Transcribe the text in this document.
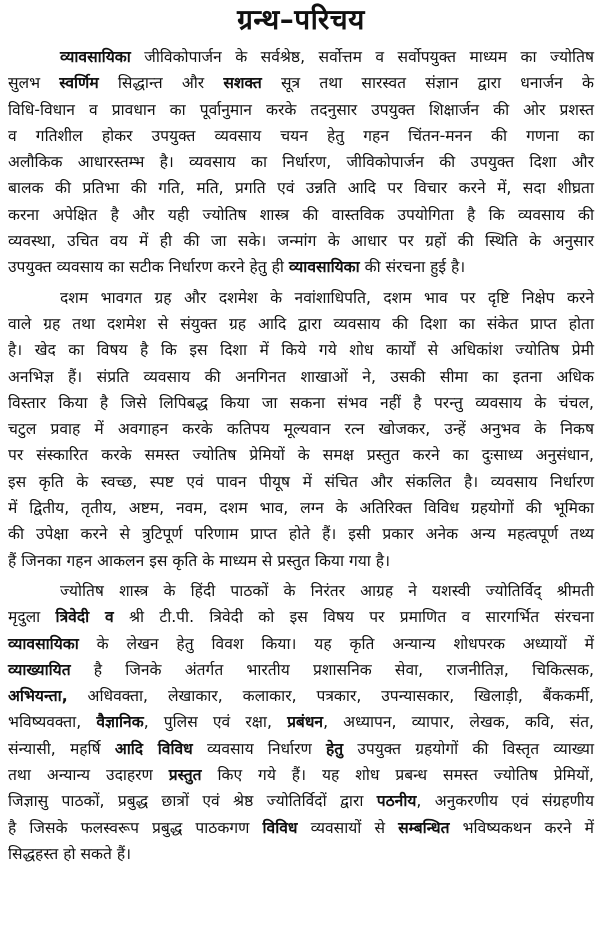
ग्रन्थ–परिचय
व्यावसायिका जीविकोपार्जन के सर्वश्रेष्ठ, सर्वोत्तम व सर्वोपयुक्त माध्यम का ज्योतिष
सुलभ स्वर्णिम सिद्धान्त और सशक्त सूत्र तथा सारस्वत संज्ञान द्वारा धनार्जन के
विधि-विधान व प्रावधान का पूर्वानुमान करके तदनुसार उपयुक्त शिक्षार्जन की ओर प्रशस्त
व गतिशील होकर उपयुक्त व्यवसाय चयन हेतु गहन चिंतन-मनन की गणना का
अलौकिक आधारस्तम्भ है। व्यवसाय का निर्धारण, जीविकोपार्जन की उपयुक्त दिशा और
बालक की प्रतिभा की गति, मति, प्रगति एवं उन्नति आदि पर विचार करने में, सदा शीघ्रता
करना अपेक्षित है और यही ज्योतिष शास्त्र की वास्तविक उपयोगिता है कि व्यवसाय की
व्यवस्था, उचित वय में ही की जा सके। जन्मांग के आधार पर ग्रहों की स्थिति के अनुसार
उपयुक्त व्यवसाय का सटीक निर्धारण करने हेतु ही व्यावसायिका की संरचना हुई है।
दशम भावगत ग्रह और दशमेश के नवांशाधिपति, दशम भाव पर दृष्टि निक्षेप करने
वाले ग्रह तथा दशमेश से संयुक्त ग्रह आदि द्वारा व्यवसाय की दिशा का संकेत प्राप्त होता
है। खेद का विषय है कि इस दिशा में किये गये शोध कार्यों से अधिकांश ज्योतिष प्रेमी
अनभिज्ञ हैं। संप्रति व्यवसाय की अनगिनत शाखाओं ने, उसकी सीमा का इतना अधिक
विस्तार किया है जिसे लिपिबद्ध किया जा सकना संभव नहीं है परन्तु व्यवसाय के चंचल,
चटुल प्रवाह में अवगाहन करके कतिपय मूल्यवान रत्न खोजकर, उन्हें अनुभव के निकष
पर संस्कारित करके समस्त ज्योतिष प्रेमियों के समक्ष प्रस्तुत करने का दुःसाध्य अनुसंधान,
इस कृति के स्वच्छ, स्पष्ट एवं पावन पीयूष में संचित और संकलित है। व्यवसाय निर्धारण
में द्वितीय, तृतीय, अष्टम, नवम, दशम भाव, लग्न के अतिरिक्त विविध ग्रहयोगों की भूमिका
की उपेक्षा करने से त्रुटिपूर्ण परिणाम प्राप्त होते हैं। इसी प्रकार अनेक अन्य महत्वपूर्ण तथ्य
हैं जिनका गहन आकलन इस कृति के माध्यम से प्रस्तुत किया गया है।
ज्योतिष शास्त्र के हिंदी पाठकों के निरंतर आग्रह ने यशस्वी ज्योतिर्विद् श्रीमती
मृदुला त्रिवेदी व श्री टी.पी. त्रिवेदी को इस विषय पर प्रमाणित व सारगर्भित संरचना
व्यावसायिका के लेखन हेतु विवश किया। यह कृति अन्यान्य शोधपरक अध्यायों में
व्याख्यायित है जिनके अंतर्गत भारतीय प्रशासनिक सेवा, राजनीतिज्ञ, चिकित्सक,
अभियन्ता, अधिवक्ता, लेखाकार, कलाकार, पत्रकार, उपन्यासकार, खिलाड़ी, बैंककर्मी,
भविष्यवक्ता, वैज्ञानिक, पुलिस एवं रक्षा, प्रबंधन, अध्यापन, व्यापार, लेखक, कवि, संत,
संन्यासी, महर्षि आदि विविध व्यवसाय निर्धारण हेतु उपयुक्त ग्रहयोगों की विस्तृत व्याख्या
तथा अन्यान्य उदाहरण प्रस्तुत किए गये हैं। यह शोध प्रबन्ध समस्त ज्योतिष प्रेमियों,
जिज्ञासु पाठकों, प्रबुद्ध छात्रों एवं श्रेष्ठ ज्योतिर्विदों द्वारा पठनीय, अनुकरणीय एवं संग्रहणीय
है जिसके फलस्वरूप प्रबुद्ध पाठकगण विविध व्यवसायों से सम्बन्धित भविष्यकथन करने में
सिद्धहस्त हो सकते हैं।
